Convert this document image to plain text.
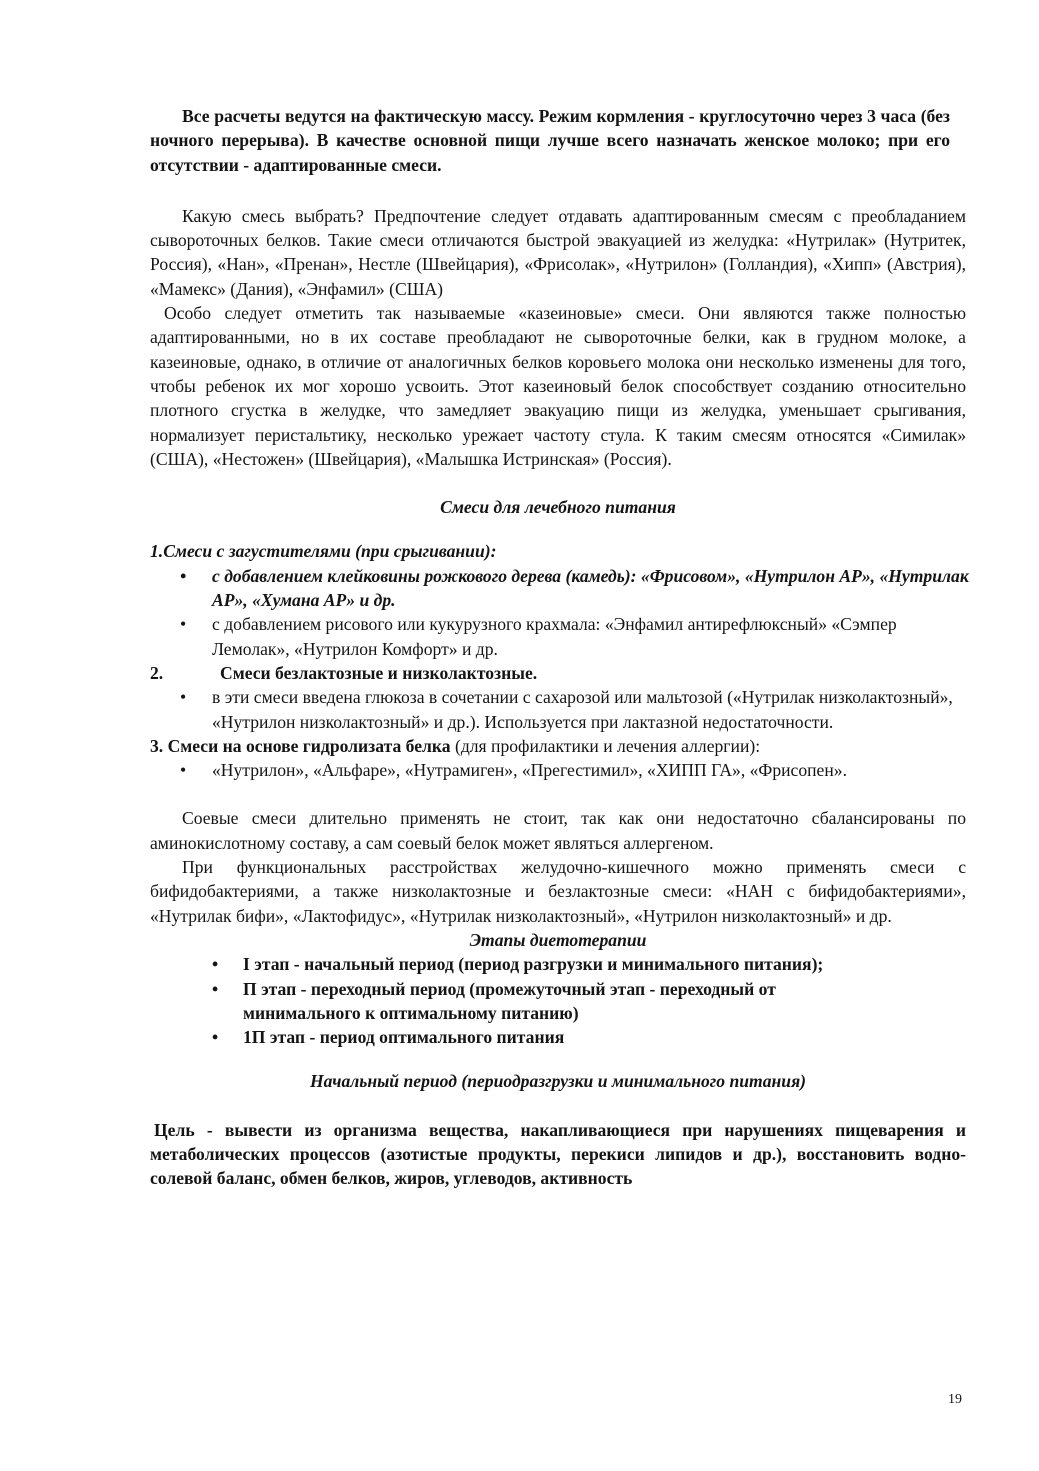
Все расчеты ведутся на фактическую массу. Режим кормления - круглосуточно через 3 часа (без ночного перерыва). В качестве основной пищи лучше всего назначать женское молоко; при его отсутствии - адаптированные смеси.

Какую смесь выбрать? Предпочтение следует отдавать адаптированным смесям с преобладанием сывороточных белков. Такие смеси отличаются быстрой эвакуацией из желудка: «Нутрилак» (Нутритек, Россия), «Нан», «Пренан», Нестле (Швейцария), «Фрисолак», «Нутрилон» (Голландия), «Хипп» (Австрия), «Мамекс» (Дания), «Энфамил» (США)

Особо следует отметить так называемые «казеиновые» смеси. Они являются также полностью адаптированными, но в их составе преобладают не сывороточные белки, как в грудном молоке, а казеиновые, однако, в отличие от аналогичных белков коровьего молока они несколько изменены для того, чтобы ребенок их мог хорошо усвоить. Этот казеиновый белок способствует созданию относительно плотного сгустка в желудке, что замедляет эвакуацию пищи из желудка, уменьшает срыгивания, нормализует перистальтику, несколько урежает частоту стула. К таким смесям относятся «Симилак» (США), «Нестожен» (Швейцария), «Малышка Истринская» (Россия).

Смеси для лечебного питания

1.Смеси с загустителями (при срыгивании):

• с добавлением клейковины рожкового дерева (камедь): «Фрисовом», «Нутрилон АР», «Нутрилак АР», «Хумана АР» и др.
• с добавлением рисового или кукурузного крахмала: «Энфамил антирефлюксный» «Сэмпер Лемолак», «Нутрилон Комфорт» и др.

2.	Смеси безлактозные и низколактозные.

• в эти смеси введена глюкоза в сочетании с сахарозой или мальтозой («Нутрилак низколактозный», «Нутрилон низколактозный» и др.). Используется при лактазной недостаточности.

3. Смеси на основе гидролизата белка (для профилактики и лечения аллергии):

• «Нутрилон», «Альфаре», «Нутрамиген», «Прегестимил», «ХИПП ГА», «Фрисопен».

Соевые смеси длительно применять не стоит, так как они недостаточно сбалансированы по аминокислотному составу, а сам соевый белок может являться аллергеном.

При функциональных расстройствах желудочно-кишечного можно применять смеси с бифидобактериями, а также низколактозные и безлактозные смеси: «НАН с бифидобактериями», «Нутрилак бифи», «Лактофидус», «Нутрилак низколактозный», «Нутрилон низколактозный» и др.

Этапы диетотерапии

• I этап - начальный период (период разгрузки и минимального питания);
• П этап - переходный период (промежуточный этап - переходный от минимального к оптимальному питанию)
• 1П этап - период оптимального питания

Начальный период (периодразгрузки и минимального питания)

Цель - вывести из организма вещества, накапливающиеся при нарушениях пищеварения и метаболических процессов (азотистые продукты, перекиси липидов и др.), восстановить водно-солевой баланс, обмен белков, жиров, углеводов, активность

19
